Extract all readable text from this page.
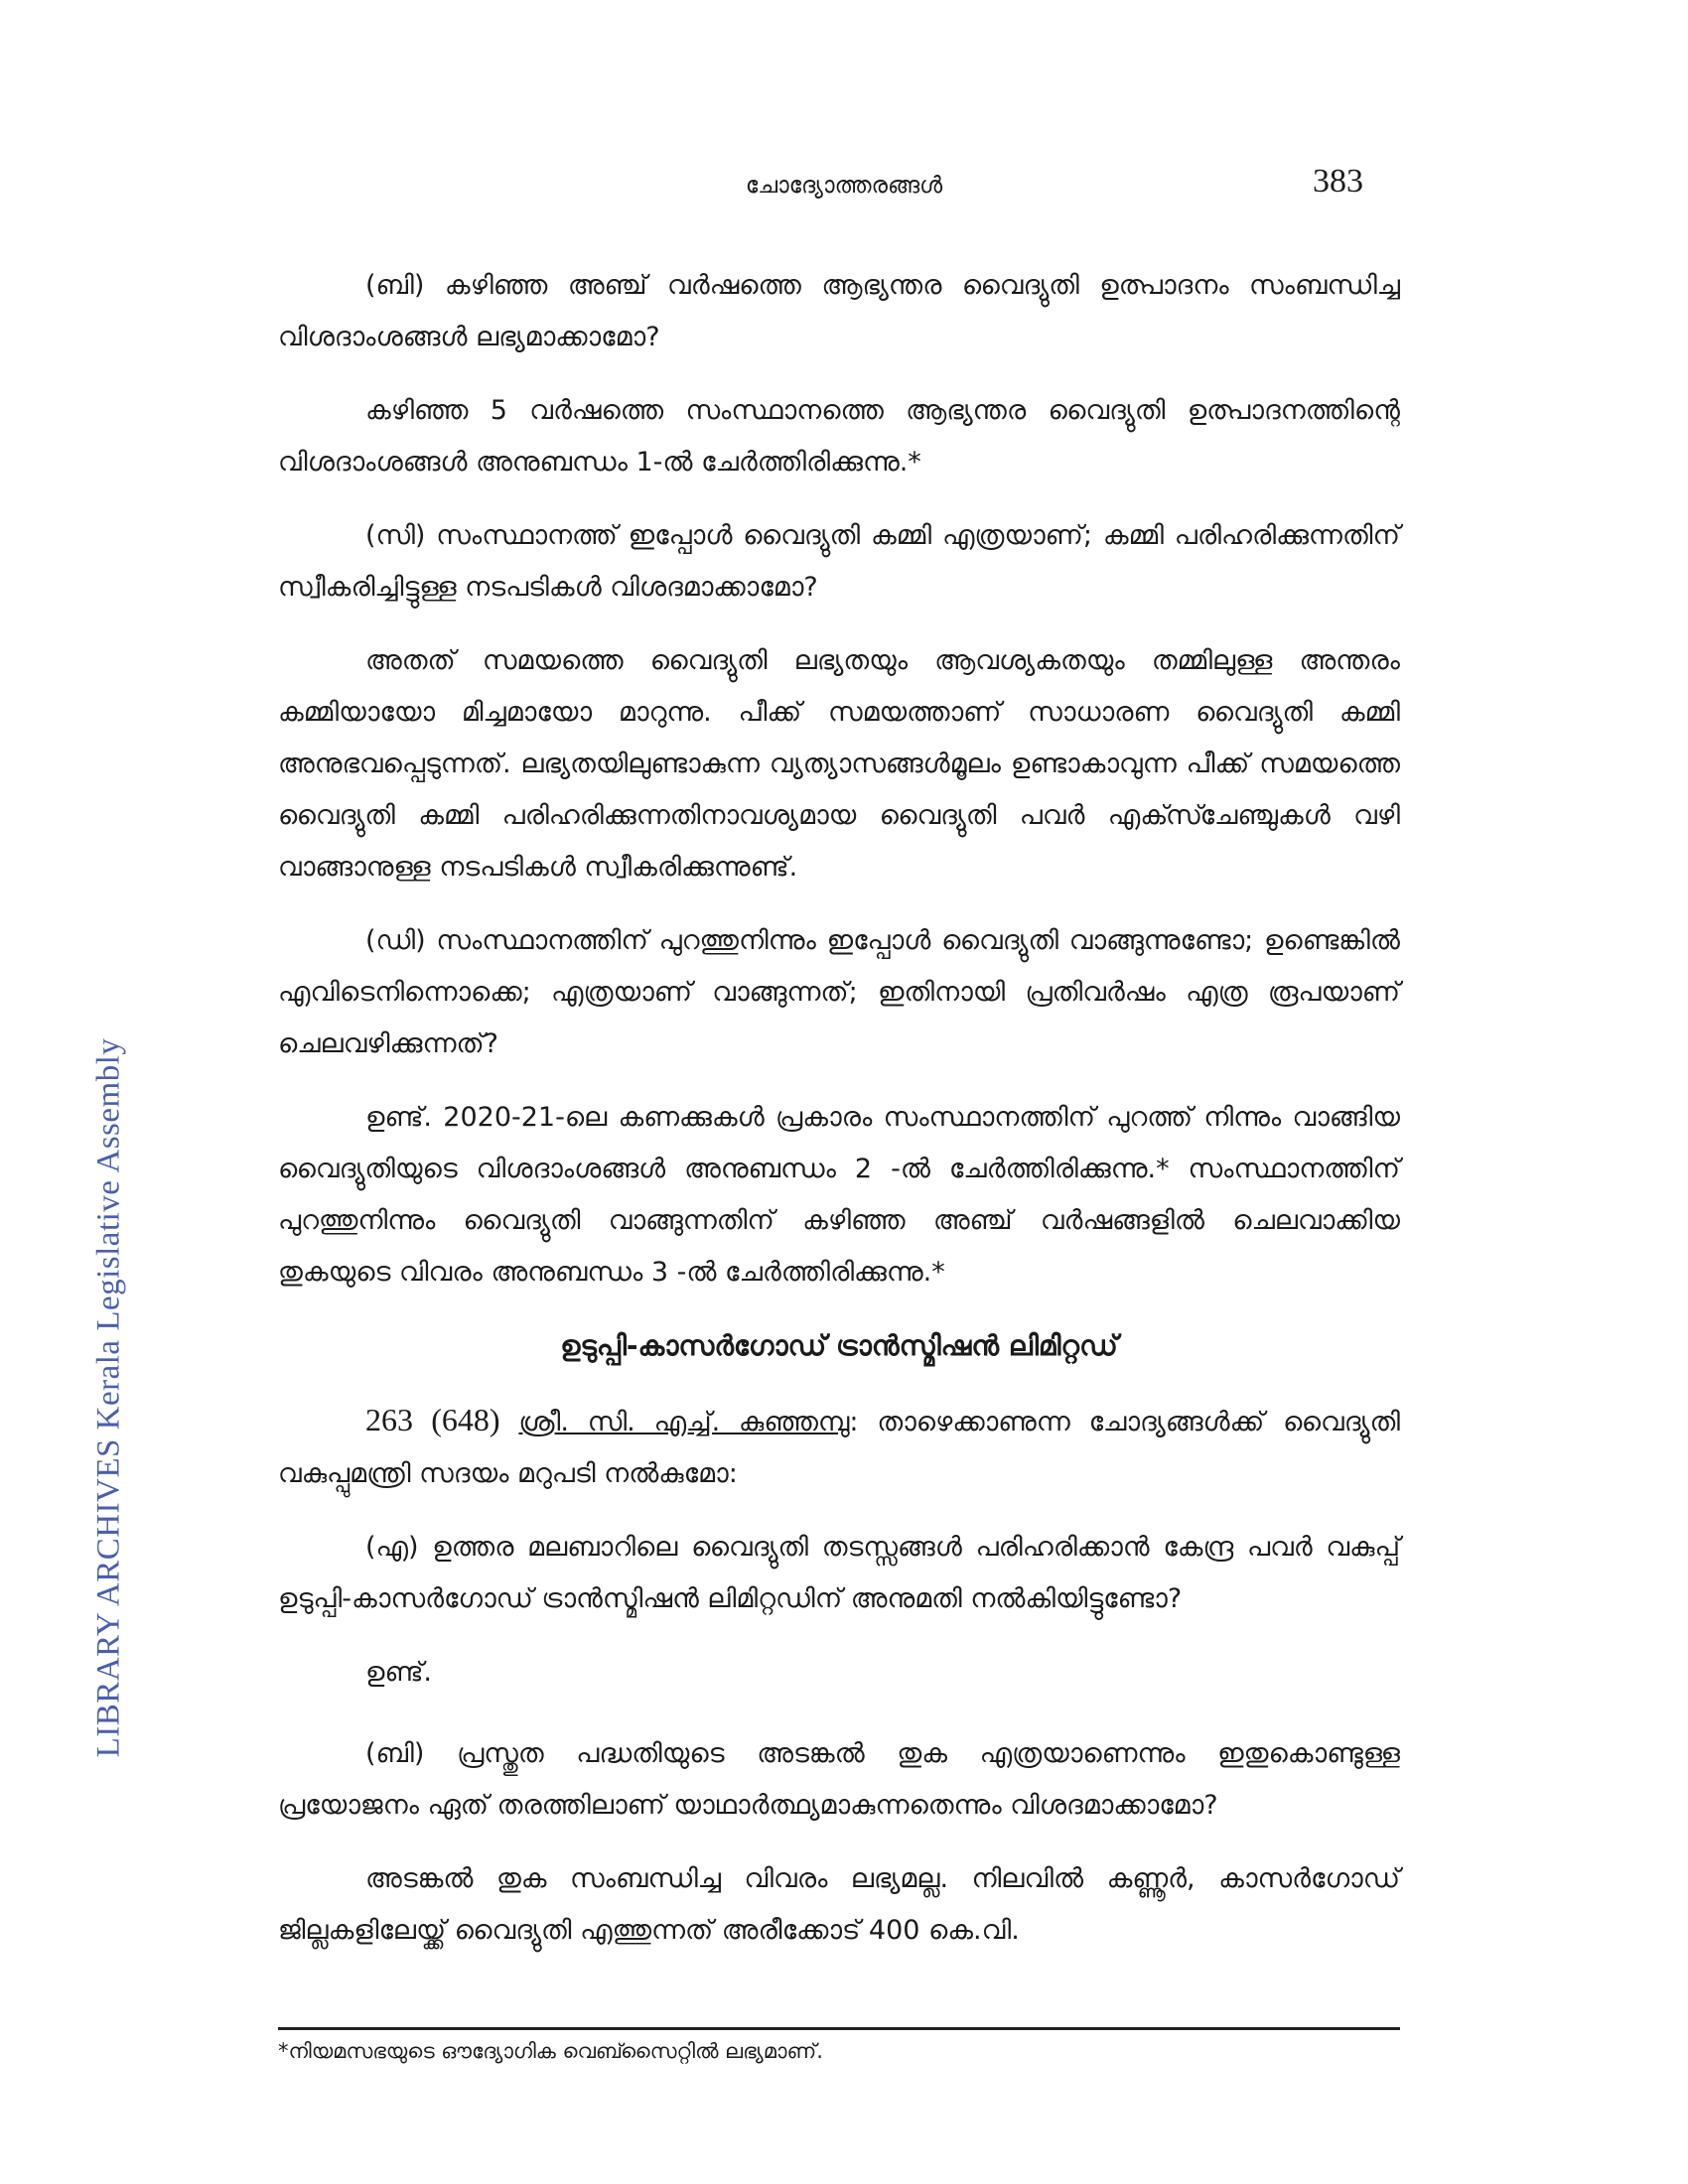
LIBRARY ARCHIVES Kerala Legislative Assembly
ചോദ്യോത്തരങ്ങൾ	383

(ബി) കഴിഞ്ഞ അഞ്ച് വർഷത്തെ ആഭ്യന്തര വൈദ്യുതി ഉത്പാദനം സംബന്ധിച്ച വിശദാംശങ്ങൾ ലഭ്യമാക്കാമോ?

കഴിഞ്ഞ 5 വർഷത്തെ സംസ്ഥാനത്തെ ആഭ്യന്തര വൈദ്യുതി ഉത്പാദനത്തിന്റെ വിശദാംശങ്ങൾ അനുബന്ധം 1-ൽ ചേർത്തിരിക്കുന്നു.*

(സി) സംസ്ഥാനത്ത് ഇപ്പോൾ വൈദ്യുതി കമ്മി എത്രയാണ്; കമ്മി പരിഹരിക്കുന്നതിന് സ്വീകരിച്ചിട്ടുള്ള നടപടികൾ വിശദമാക്കാമോ?

അതത് സമയത്തെ വൈദ്യുതി ലഭ്യതയും ആവശ്യകതയും തമ്മിലുള്ള അന്തരം കമ്മിയായോ മിച്ചമായോ മാറുന്നു. പീക്ക് സമയത്താണ് സാധാരണ വൈദ്യുതി കമ്മി അനുഭവപ്പെടുന്നത്. ലഭ്യതയിലുണ്ടാകുന്ന വ്യത്യാസങ്ങൾമൂലം ഉണ്ടാകാവുന്ന പീക്ക് സമയത്തെ വൈദ്യുതി കമ്മി പരിഹരിക്കുന്നതിനാവശ്യമായ വൈദ്യുതി പവർ എക്സ്ചേഞ്ചുകൾ വഴി വാങ്ങാനുള്ള നടപടികൾ സ്വീകരിക്കുന്നുണ്ട്.

(ഡി) സംസ്ഥാനത്തിന് പുറത്തുനിന്നും ഇപ്പോൾ വൈദ്യുതി വാങ്ങുന്നുണ്ടോ; ഉണ്ടെങ്കിൽ എവിടെനിന്നൊക്കെ; എത്രയാണ് വാങ്ങുന്നത്; ഇതിനായി പ്രതിവർഷം എത്ര രൂപയാണ് ചെലവഴിക്കുന്നത്?

ഉണ്ട്. 2020-21-ലെ കണക്കുകൾ പ്രകാരം സംസ്ഥാനത്തിന് പുറത്ത് നിന്നും വാങ്ങിയ വൈദ്യുതിയുടെ വിശദാംശങ്ങൾ അനുബന്ധം 2 -ൽ ചേർത്തിരിക്കുന്നു.* സംസ്ഥാനത്തിന് പുറത്തുനിന്നും വൈദ്യുതി വാങ്ങുന്നതിന് കഴിഞ്ഞ അഞ്ച് വർഷങ്ങളിൽ ചെലവാക്കിയ തുകയുടെ വിവരം അനുബന്ധം 3 -ൽ ചേർത്തിരിക്കുന്നു.*

ഉടുപ്പി-കാസർഗോഡ് ട്രാൻസ്മിഷൻ ലിമിറ്റഡ്

263 (648) ശ്രീ. സി. എച്ച്. കുഞ്ഞമ്പു: താഴെക്കാണുന്ന ചോദ്യങ്ങൾക്ക് വൈദ്യുതി വകുപ്പുമന്ത്രി സദയം മറുപടി നൽകുമോ:

(എ) ഉത്തര മലബാറിലെ വൈദ്യുതി തടസ്സങ്ങൾ പരിഹരിക്കാൻ കേന്ദ്ര പവർ വകുപ്പ് ഉടുപ്പി-കാസർഗോഡ് ട്രാൻസ്മിഷൻ ലിമിറ്റഡിന് അനുമതി നൽകിയിട്ടുണ്ടോ?

ഉണ്ട്.

(ബി) പ്രസ്തുത പദ്ധതിയുടെ അടങ്കൽ തുക എത്രയാണെന്നും ഇതുകൊണ്ടുള്ള പ്രയോജനം ഏത് തരത്തിലാണ് യാഥാർത്ഥ്യമാകുന്നതെന്നും വിശദമാക്കാമോ?

അടങ്കൽ തുക സംബന്ധിച്ച വിവരം ലഭ്യമല്ല. നിലവിൽ കണ്ണൂർ, കാസർഗോഡ് ജില്ലകളിലേയ്ക്ക് വൈദ്യുതി എത്തുന്നത് അരീക്കോട് 400 കെ.വി.

*നിയമസഭയുടെ ഔദ്യോഗിക വെബ്സൈറ്റിൽ ലഭ്യമാണ്.
